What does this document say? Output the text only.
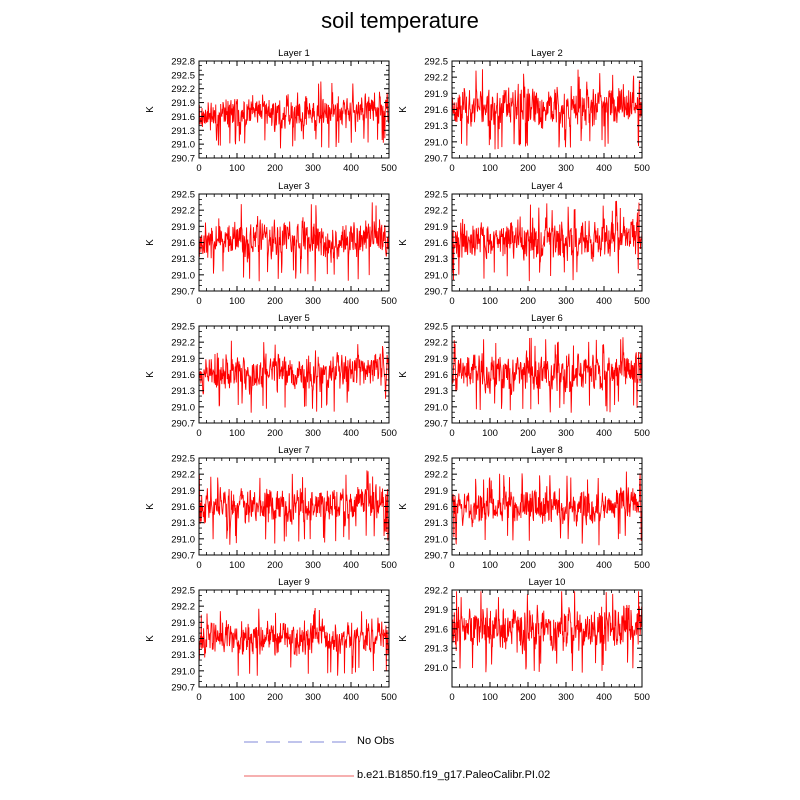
soil temperature
Layer 1
K
292.8
292.5
292.2
291.9
291.6
291.3
291.0
290.7
0	100 200 300 400 500
Layer 2
K
292.5
292.2
291.9
291.6
291.3
291.0
290.7
0	100 200 300 400 500
Layer 3
K
292.5
292.2
291.9
291.6
291.3
291.0
290.7
0	100 200 300 400 500
Layer 4
K
292.5
292.2
291.9
291.6
291.3
291.0
290.7
0	100 200 300 400 500
Layer 5
K
292.5
292.2
291.9
291.6
291.3
291.0
290.7
0	100 200 300 400 500
Layer 6
K
292.5
292.2
291.9
291.6
291.3
291.0
290.7
0	100 200 300 400 500
Layer 7
K
292.5
292.2
291.9
291.6
291.3
291.0
290.7
0	100 200 300 400 500
Layer 8
K
292.5
292.2
291.9
291.6
291.3
291.0
290.7
0	100 200 300 400 500
Layer 9
K
292.5
292.2
291.9
291.6
291.3
291.0
290.7
0	100 200 300 400 500
Layer 10
K
292.2
291.9
291.6
291.3
291.0
0	100 200 300 400 500
No Obs
b.e21.B1850.f19_g17.PaleoCalibr.PI.02
